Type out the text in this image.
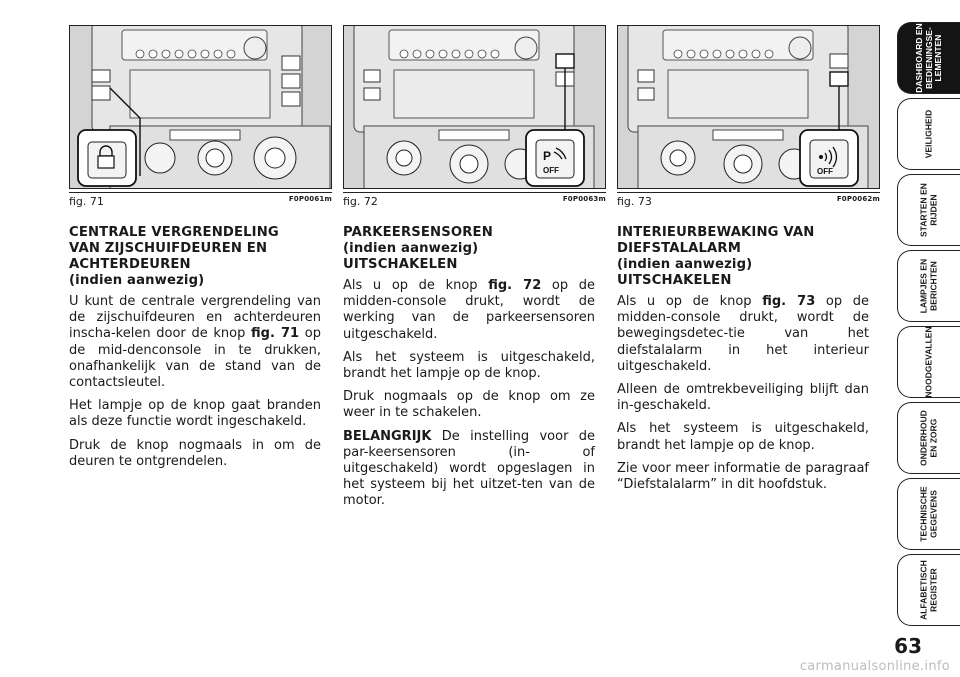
P
OFF	OFF
fig. 71	F0P0061m fig. 72	F0P0063m fig. 73	F0P0062m
CENTRALE VERGRENDELING
VAN ZIJSCHUIFDEUREN EN
ACHTERDEUREN
(indien aanwezig)

U kunt de centrale vergrendeling van de zijschuifdeuren en achterdeuren inscha-kelen door de knop fig. 71 op de mid-denconsole in te drukken, onafhankelijk van de stand van de contactsleutel.

Het lampje op de knop gaat branden als deze functie wordt ingeschakeld.

Druk de knop nogmaals in om de deuren te ontgrendelen.

PARKEERSENSOREN
(indien aanwezig)
UITSCHAKELEN

Als u op de knop fig. 72 op de midden-console drukt, wordt de werking van de parkeersensoren uitgeschakeld.

Als het systeem is uitgeschakeld, brandt het lampje op de knop.

Druk nogmaals op de knop om ze weer in te schakelen.

BELANGRIJK De instelling voor de par-keersensoren (in- of uitgeschakeld) wordt opgeslagen in het systeem bij het uitzet-ten van de motor.

INTERIEURBEWAKING VAN
DIEFSTALALARM
(indien aanwezig)
UITSCHAKELEN

Als u op de knop fig. 73 op de midden-console drukt, wordt de bewegingsdetec-tie van het diefstalalarm in het interieur uitgeschakeld.

Alleen de omtrekbeveiliging blijft dan in-geschakeld.

Als het systeem is uitgeschakeld, brandt het lampje op de knop.

Zie voor meer informatie de paragraaf “Diefstalalarm” in dit hoofdstuk.

DASHBOARD EN
BEDIENINGSE-
LEMENTEN
VEILIGHEID
STARTEN EN
RIJDEN
LAMPJES EN
BERICHTEN
NOODGEVALLEN
ONDERHOUD
EN ZORG
TECHNISCHE
GEGEVENS
ALFABETISCH
REGISTER
63
carmanualsonline.info
